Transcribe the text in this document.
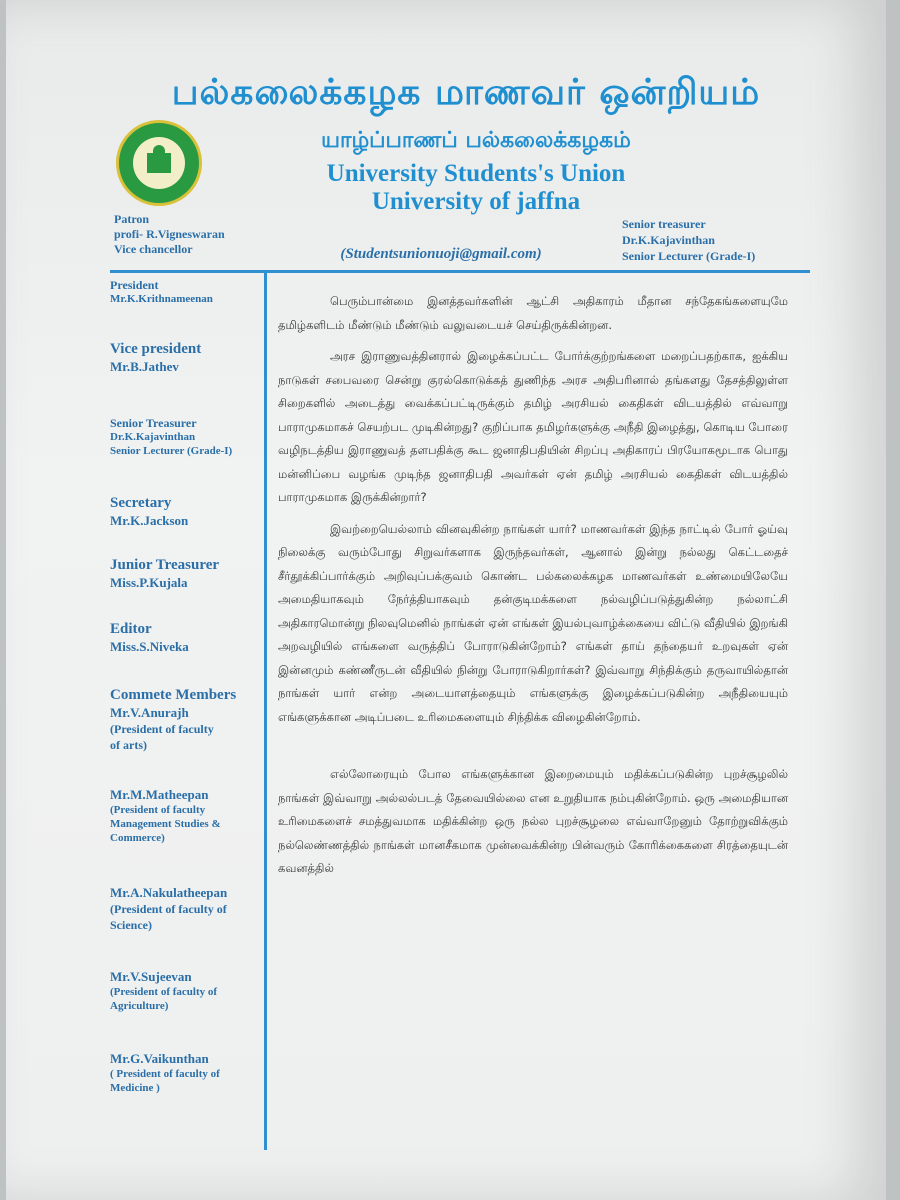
பல்கலைக்கழக மாணவர் ஒன்றியம்
யாழ்ப்பாணப் பல்கலைக்கழகம்
University Students's Union
University of jaffna
Patron
profi- R.Vigneswaran
Vice chancellor	(Studentsunionuoji@gmail.com)
Senior treasurer
Dr.K.Kajavinthan
Senior Lecturer (Grade-I)
President
Mr.K.Krithnameenan
Vice president
Mr.B.Jathev
Senior Treasurer
Dr.K.Kajavinthan
Senior Lecturer (Grade-I)
Secretary
Mr.K.Jackson
Junior Treasurer
Miss.P.Kujala
Editor
Miss.S.Niveka
Commete Members
Mr.V.Anurajh
(President of faculty of arts)
Mr.M.Matheepan
(President of faculty Management Studies & Commerce)
Mr.A.Nakulatheepan
(President of faculty of Science)
Mr.V.Sujeevan
(President of faculty of Agriculture)
Mr.G.Vaikunthan
( President of faculty of Medicine )

பெரும்பான்மை இனத்தவர்களின் ஆட்சி அதிகாரம் மீதான சந்தேகங்களையுமே தமிழ்களிடம் மீண்டும் மீண்டும் வலுவடையச் செய்திருக்கின்றன.

அரச இராணுவத்தினரால் இழைக்கப்பட்ட போர்க்குற்றங்களை மறைப்பதற்காக, ஐக்கிய நாடுகள் சபைவரை சென்று குரல்கொடுக்கத் துணிந்த அரச அதிபரினால் தங்களது தேசத்திலுள்ள சிறைகளில் அடைத்து வைக்கப்பட்டிருக்கும் தமிழ் அரசியல் கைதிகள் விடயத்தில் எவ்வாறு பாராமுகமாகச் செயற்பட முடிகின்றது? குறிப்பாக தமிழர்களுக்கு அநீதி இழைத்து, கொடிய போரை வழிநடத்திய இராணுவத் தளபதிக்கு கூட ஜனாதிபதியின் சிறப்பு அதிகாரப் பிரயோகமூடாக பொது மன்னிப்பை வழங்க முடிந்த ஜனாதிபதி அவர்கள் ஏன் தமிழ் அரசியல் கைதிகள் விடயத்தில் பாராமுகமாக இருக்கின்றார்?

இவற்றையெல்லாம் வினவுகின்ற நாங்கள் யார்? மாணவர்கள் இந்த நாட்டில் போர் ஓய்வு நிலைக்கு வரும்போது சிறுவர்களாக இருந்தவர்கள், ஆனால் இன்று நல்லது கெட்டதைச் சீர்தூக்கிப்பார்க்கும் அறிவுப்பக்குவம் கொண்ட பல்கலைக்கழக மாணவர்கள் உண்மையிலேயே அமைதியாகவும் நேர்த்தியாகவும் தன்குடிமக்களை நல்வழிப்படுத்துகின்ற நல்லாட்சி அதிகாரமொன்று நிலவுமெனில் நாங்கள் ஏன் எங்கள் இயல்புவாழ்க்கையை விட்டு வீதியில் இறங்கி அறவழியில் எங்களை வருத்திப் போராடுகின்றோம்? எங்கள் தாய் தந்தையர் உறவுகள் ஏன் இன்னமும் கண்ணீருடன் வீதியில் நின்று போராடுகிறார்கள்? இவ்வாறு சிந்திக்கும் தருவாயில்தான் நாங்கள் யார் என்ற அடையாளத்தையும் எங்களுக்கு இழைக்கப்படுகின்ற அநீதியையும் எங்களுக்கான அடிப்படை உரிமைகளையும் சிந்திக்க விழைகின்றோம்.

எல்லோரையும் போல எங்களுக்கான இறைமையும் மதிக்கப்படுகின்ற புறச்சூழலில் நாங்கள் இவ்வாறு அல்லல்படத் தேவையில்லை என உறுதியாக நம்புகின்றோம். ஒரு அமைதியான உரிமைகளைச் சமத்துவமாக மதிக்கின்ற ஒரு நல்ல புறச்சூழலை எவ்வாறேனும் தோற்றுவிக்கும் நல்லெண்ணத்தில் நாங்கள் மானசீகமாக முன்வைக்கின்ற பின்வரும் கோரிக்கைகளை சிரத்தையுடன் கவனத்தில்
